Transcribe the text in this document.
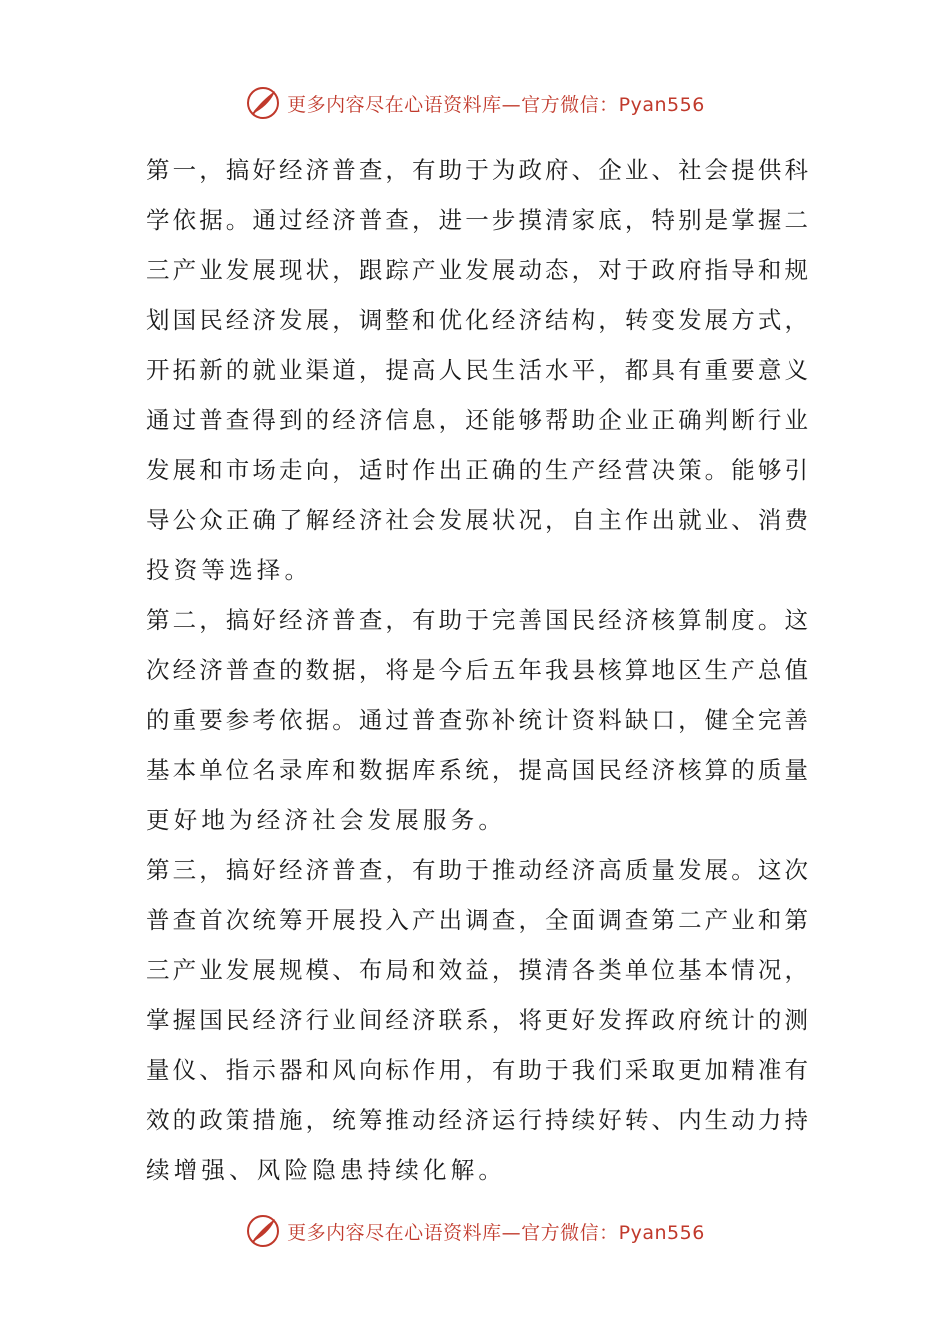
更多内容尽在心语资料库—官方微信：Pyan556
第一，搞好经济普查，有助于为政府、企业、社会提供科
学依据。通过经济普查，进一步摸清家底，特别是掌握二
三产业发展现状，跟踪产业发展动态，对于政府指导和规
划国民经济发展，调整和优化经济结构，转变发展方式，
开拓新的就业渠道，提高人民生活水平，都具有重要意义
通过普查得到的经济信息，还能够帮助企业正确判断行业
发展和市场走向，适时作出正确的生产经营决策。能够引
导公众正确了解经济社会发展状况，自主作出就业、消费
投资等选择。
第二，搞好经济普查，有助于完善国民经济核算制度。这
次经济普查的数据，将是今后五年我县核算地区生产总值
的重要参考依据。通过普查弥补统计资料缺口，健全完善
基本单位名录库和数据库系统，提高国民经济核算的质量
更好地为经济社会发展服务。
第三，搞好经济普查，有助于推动经济高质量发展。这次
普查首次统筹开展投入产出调查，全面调查第二产业和第
三产业发展规模、布局和效益，摸清各类单位基本情况，
掌握国民经济行业间经济联系，将更好发挥政府统计的测
量仪、指示器和风向标作用，有助于我们采取更加精准有
效的政策措施，统筹推动经济运行持续好转、内生动力持
续增强、风险隐患持续化解。
更多内容尽在心语资料库—官方微信：Pyan556
